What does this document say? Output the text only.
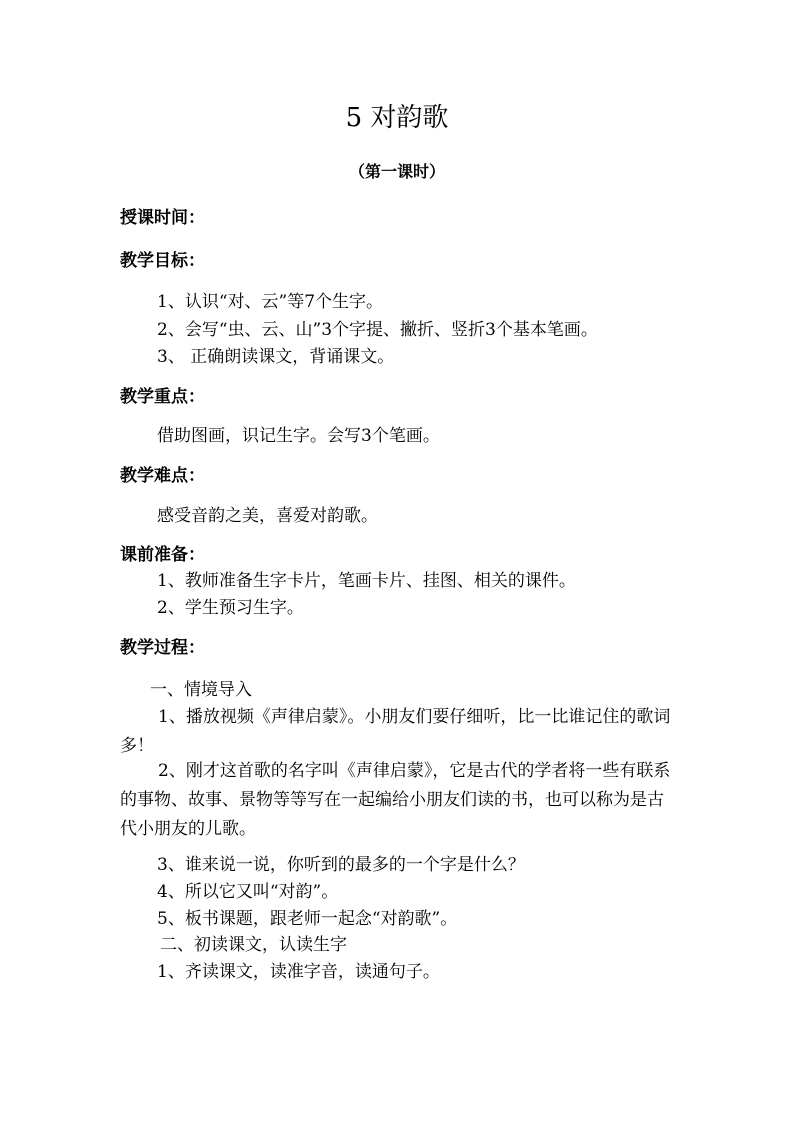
5 对韵歌
（第一课时）
授课时间：
教学目标：
1、认识“对、云”等7个生字。
2、会写“虫、云、山”3个字提、撇折、竖折3个基本笔画。
3、 正确朗读课文，背诵课文。
教学重点：
借助图画，识记生字。会写3个笔画。
教学难点：
感受音韵之美，喜爱对韵歌。
课前准备：
1、教师准备生字卡片，笔画卡片、挂图、相关的课件。
2、学生预习生字。
教学过程：
一、情境导入
1、播放视频《声律启蒙》。小朋友们要仔细听，比一比谁记住的歌词多！
2、刚才这首歌的名字叫《声律启蒙》，它是古代的学者将一些有联系的事物、故事、景物等等写在一起编给小朋友们读的书，也可以称为是古代小朋友的儿歌。
3、谁来说一说，你听到的最多的一个字是什么？
4、所以它又叫“对韵”。
5、板书课题，跟老师一起念“对韵歌”。
二、初读课文，认读生字
1、齐读课文，读准字音，读通句子。
